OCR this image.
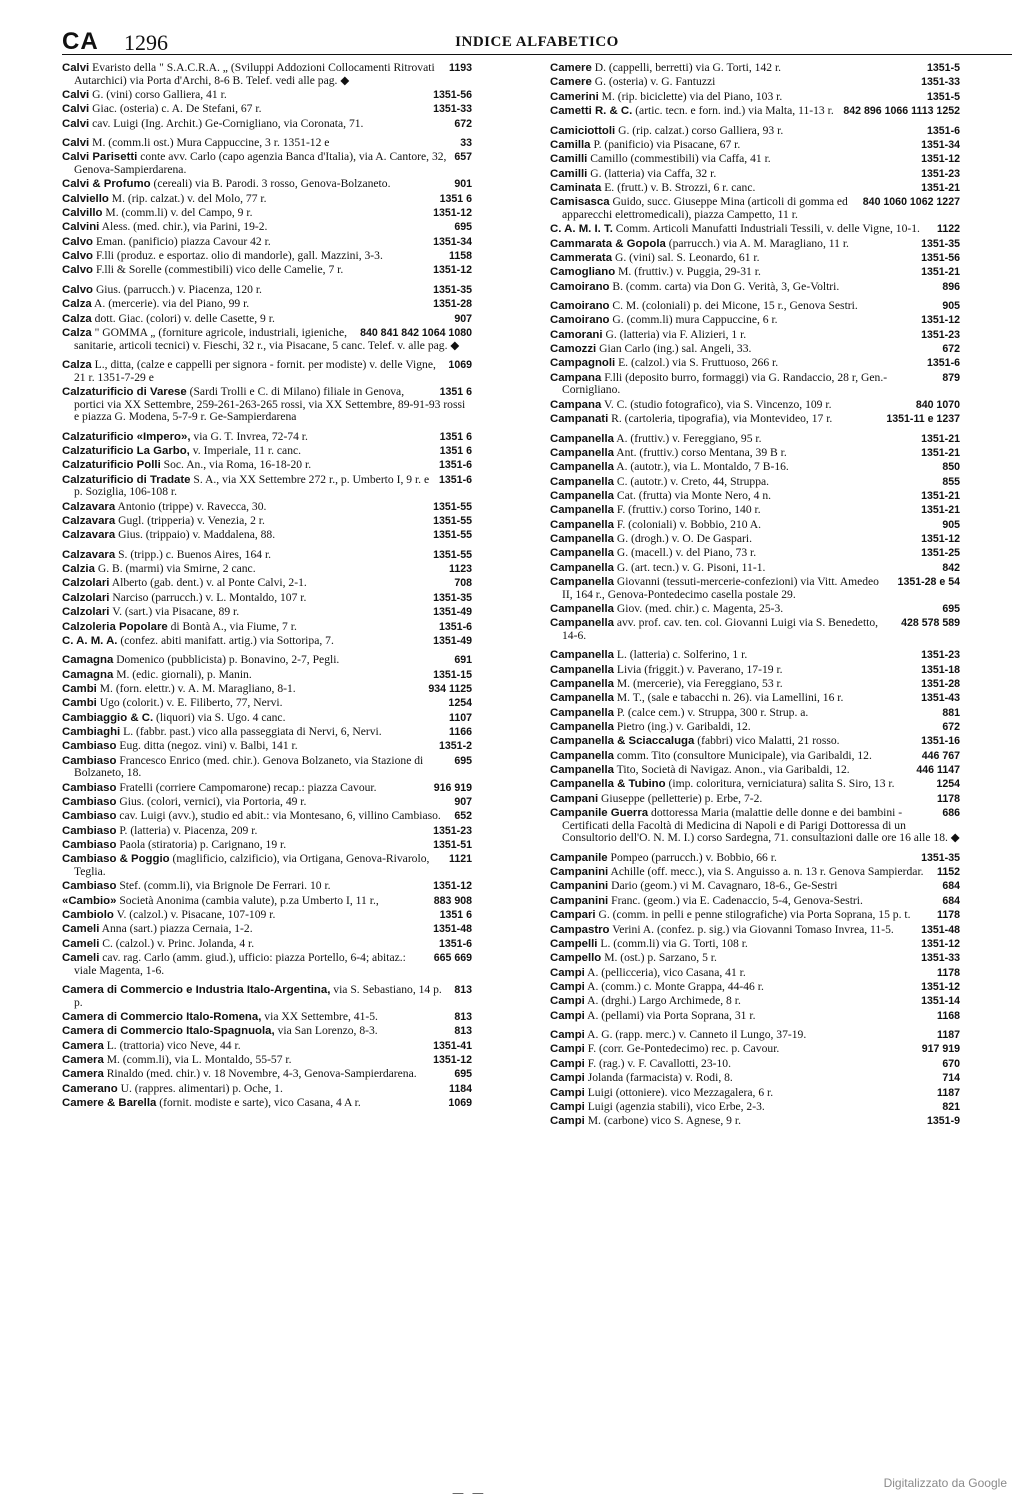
CA 1296	INDICE ALFABETICO
1193
Calvi Evaristo della " S.A.C.R.A. „ (Sviluppi Addozioni Collocamenti Ritrovati Autarchici) via Porta d'Archi, 8-6 B. Telef. vedi alle pag. ◆
1351-56
Calvi G. (vini) corso Galliera, 41 r.
1351-33
Calvi Giac. (osteria) c. A. De Stefani, 67 r.
672
Calvi cav. Luigi (Ing. Archit.) Ge-Cornigliano, via Coronata, 71.
33
Calvi M. (comm.li ost.) Mura Cappuccine, 3 r. 1351-12 e
657
Calvi Parisetti conte avv. Carlo (capo agenzia Banca d'Italia), via A. Cantore, 32, Genova-Sampierdarena.
901
Calvi & Profumo (cereali) via B. Parodi. 3 rosso, Genova-Bolzaneto.
1351 6
Calviello M. (rip. calzat.) v. del Molo, 77 r.
1351-12
Calvillo M. (comm.li) v. del Campo, 9 r.
695
Calvini Aless. (med. chir.), via Parini, 19-2.
1351-34
Calvo Eman. (panificio) piazza Cavour 42 r.
1158
Calvo F.lli (produz. e esportaz. olio di mandorle), gall. Mazzini, 3-3.
1351-12
Calvo F.lli & Sorelle (commestibili) vico delle Camelie, 7 r.
1351-35
Calvo Gius. (parrucch.) v. Piacenza, 120 r.
1351-28
Calza A. (mercerie). via del Piano, 99 r.
907
Calza dott. Giac. (colori) v. delle Casette, 9 r.
840 841 842 1064 1080
Calza " GOMMA „ (forniture agricole, industriali, igieniche, sanitarie, articoli tecnici) v. Fieschi, 32 r., via Pisacane, 5 canc. Telef. v. alle pag. ◆
1069
Calza L., ditta, (calze e cappelli per signora - fornit. per modiste) v. delle Vigne, 21 r. 1351-7-29 e
1351 6
Calzaturificio di Varese (Sardi Trolli e C. di Milano) filiale in Genova, portici via XX Settembre, 259-261-263-265 rossi, via XX Settembre, 89-91-93 rossi e piazza G. Modena, 5-7-9 r. Ge-Sampierdarena
1351 6
Calzaturificio «Impero», via G. T. Invrea, 72-74 r.
1351 6
Calzaturificio La Garbo, v. Imperiale, 11 r. canc.
1351-6
Calzaturificio Polli Soc. An., via Roma, 16-18-20 r.
1351-6
Calzaturificio di Tradate S. A., via XX Settembre 272 r., p. Umberto I, 9 r. e p. Soziglia, 106-108 r.
1351-55
Calzavara Antonio (trippe) v. Ravecca, 30.
1351-55
Calzavara Gugl. (tripperia) v. Venezia, 2 r.
1351-55
Calzavara Gius. (trippaio) v. Maddalena, 88.
1351-55
Calzavara S. (tripp.) c. Buenos Aires, 164 r.
1123
Calzia G. B. (marmi) via Smirne, 2 canc.
708
Calzolari Alberto (gab. dent.) v. al Ponte Calvi, 2-1.
1351-35
Calzolari Narciso (parrucch.) v. L. Montaldo, 107 r.
1351-49
Calzolari V. (sart.) via Pisacane, 89 r.
1351-6
Calzoleria Popolare di Bontà A., via Fiume, 7 r.
1351-49
C. A. M. A. (confez. abiti manifatt. artig.) via Sottoripa, 7.
691
Camagna Domenico (pubblicista) p. Bonavino, 2-7, Pegli.
1351-15
Camagna M. (edic. giornali), p. Manin.
934 1125
Cambi M. (forn. elettr.) v. A. M. Maragliano, 8-1.
1254
Cambi Ugo (colorit.) v. E. Filiberto, 77, Nervi.
1107
Cambiaggio & C. (liquori) via S. Ugo. 4 canc.
1166
Cambiaghi L. (fabbr. past.) vico alla passeggiata di Nervi, 6, Nervi.
1351-2
Cambiaso Eug. ditta (negoz. vini) v. Balbi, 141 r.
695
Cambiaso Francesco Enrico (med. chir.). Genova Bolzaneto, via Stazione di Bolzaneto, 18.
916 919
Cambiaso Fratelli (corriere Campomarone) recap.: piazza Cavour.
907
Cambiaso Gius. (colori, vernici), via Portoria, 49 r.
652
Cambiaso cav. Luigi (avv.), studio ed abit.: via Montesano, 6, villino Cambiaso.
1351-23
Cambiaso P. (latteria) v. Piacenza, 209 r.
1351-51
Cambiaso Paola (stiratoria) p. Carignano, 19 r.
1121
Cambiaso & Poggio (maglificio, calzificio), via Ortigana, Genova-Rivarolo, Teglia.
1351-12
Cambiaso Stef. (comm.li), via Brignole De Ferrari. 10 r.
883 908
«Cambio» Società Anonima (cambia valute), p.za Umberto I, 11 r.,
1351 6
Cambiolo V. (calzol.) v. Pisacane, 107-109 r.
1351-48
Cameli Anna (sart.) piazza Cernaia, 1-2.
1351-6
Cameli C. (calzol.) v. Princ. Jolanda, 4 r.
665 669
Cameli cav. rag. Carlo (amm. giud.), ufficio: piazza Portello, 6-4; abitaz.: viale Magenta, 1-6.
813
Camera di Commercio e Industria Italo-Argentina, via S. Sebastiano, 14 p. p.
813
Camera di Commercio Italo-Romena, via XX Settembre, 41-5.
813
Camera di Commercio Italo-Spagnuola, via San Lorenzo, 8-3.
1351-41
Camera L. (trattoria) vico Neve, 44 r.
1351-12
Camera M. (comm.li), via L. Montaldo, 55-57 r.
695
Camera Rinaldo (med. chir.) v. 18 Novembre, 4-3, Genova-Sampierdarena.
1184
Camerano U. (rappres. alimentari) p. Oche, 1.
1069
Camere & Barella (fornit. modiste e sarte), vico Casana, 4 A r.
1351-5
Camere D. (cappelli, berretti) via G. Torti, 142 r.
1351-33
Camere G. (osteria) v. G. Fantuzzi
1351-5
Camerini M. (rip. biciclette) via del Piano, 103 r.
842 896 1066 1113 1252
Cametti R. & C. (artic. tecn. e forn. ind.) via Malta, 11-13 r.
1351-6
Camiciottoli G. (rip. calzat.) corso Galliera, 93 r.
1351-34
Camilla P. (panificio) via Pisacane, 67 r.
1351-12
Camilli Camillo (commestibili) via Caffa, 41 r.
1351-23
Camilli G. (latteria) via Caffa, 32 r.
1351-21
Caminata E. (frutt.) v. B. Strozzi, 6 r. canc.
840 1060 1062 1227
Camisasca Guido, succ. Giuseppe Mina (articoli di gomma ed apparecchi elettromedicali), piazza Campetto, 11 r.
1122
C. A. M. I. T. Comm. Articoli Manufatti Industriali Tessili, v. delle Vigne, 10-1.
1351-35
Cammarata & Gopola (parrucch.) via A. M. Maragliano, 11 r.
1351-56
Cammerata G. (vini) sal. S. Leonardo, 61 r.
1351-21
Camogliano M. (fruttiv.) v. Puggia, 29-31 r.
896
Camoirano B. (comm. carta) via Don G. Verità, 3, Ge-Voltri.
905
Camoirano C. M. (coloniali) p. dei Micone, 15 r., Genova Sestri.
1351-12
Camoirano G. (comm.li) mura Cappuccine, 6 r.
1351-23
Camorani G. (latteria) via F. Alizieri, 1 r.
672
Camozzi Gian Carlo (ing.) sal. Angeli, 33.
1351-6
Campagnoli E. (calzol.) via S. Fruttuoso, 266 r.
879
Campana F.lli (deposito burro, formaggi) via G. Randaccio, 28 r, Gen.-Cornigliano.
840 1070
Campana V. C. (studio fotografico), via S. Vincenzo, 109 r.
1351-11 e 1237
Campanati R. (cartoleria, tipografia), via Montevideo, 17 r.
1351-21
Campanella A. (fruttiv.) v. Fereggiano, 95 r.
1351-21
Campanella Ant. (fruttiv.) corso Mentana, 39 B r.
850
Campanella A. (autotr.), via L. Montaldo, 7 B-16.
855
Campanella C. (autotr.) v. Creto, 44, Struppa.
1351-21
Campanella Cat. (frutta) via Monte Nero, 4 n.
1351-21
Campanella F. (fruttiv.) corso Torino, 140 r.
905
Campanella F. (coloniali) v. Bobbio, 210 A.
1351-12
Campanella G. (drogh.) v. O. De Gaspari.
1351-25
Campanella G. (macell.) v. del Piano, 73 r.
842
Campanella G. (art. tecn.) v. G. Pisoni, 11-1.
1351-28 e 54
Campanella Giovanni (tessuti-mercerie-confezioni) via Vitt. Amedeo II, 164 r., Genova-Pontedecimo casella postale 29.
695
Campanella Giov. (med. chir.) c. Magenta, 25-3.
428 578 589
Campanella avv. prof. cav. ten. col. Giovanni Luigi via S. Benedetto, 14-6.
1351-23
Campanella L. (latteria) c. Solferino, 1 r.
1351-18
Campanella Livia (friggit.) v. Paverano, 17-19 r.
1351-28
Campanella M. (mercerie), via Fereggiano, 53 r.
1351-43
Campanella M. T., (sale e tabacchi n. 26). via Lamellini, 16 r.
881
Campanella P. (calce cem.) v. Struppa, 300 r. Strup. a.
672
Campanella Pietro (ing.) v. Garibaldi, 12.
1351-16
Campanella & Sciaccaluga (fabbri) vico Malatti, 21 rosso.
446 767
Campanella comm. Tito (consultore Municipale), via Garibaldi, 12.
446 1147
Campanella Tito, Società di Navigaz. Anon., via Garibaldi, 12.
1254
Campanella & Tubino (imp. coloritura, verniciatura) salita S. Siro, 13 r.
1178
Campani Giuseppe (pelletterie) p. Erbe, 7-2.
686
Campanile Guerra dottoressa Maria (malattie delle donne e dei bambini - Certificati della Facoltà di Medicina di Napoli e di Parigi Dottoressa di un Consultorio dell'O. N. M. I.) corso Sardegna, 71. consultazioni dalle ore 16 alle 18. ◆
1351-35
Campanile Pompeo (parrucch.) v. Bobbio, 66 r.
1152
Campanini Achille (off. mecc.), via S. Anguisso a. n. 13 r. Genova Sampierdar.
684
Campanini Dario (geom.) vi M. Cavagnaro, 18-6., Ge-Sestri
684
Campanini Franc. (geom.) via E. Cadenaccio, 5-4, Genova-Sestri.
1178
Campari G. (comm. in pelli e penne stilografiche) via Porta Soprana, 15 p. t.
1351-48
Campastro Verini A. (confez. p. sig.) via Giovanni Tomaso Invrea, 11-5.
1351-12
Campelli L. (comm.li) via G. Torti, 108 r.
1351-33
Campello M. (ost.) p. Sarzano, 5 r.
1178
Campi A. (pellicceria), vico Casana, 41 r.
1351-12
Campi A. (comm.) c. Monte Grappa, 44-46 r.
1351-14
Campi A. (drghi.) Largo Archimede, 8 r.
1168
Campi A. (pellami) via Porta Soprana, 31 r.
1187
Campi A. G. (rapp. merc.) v. Canneto il Lungo, 37-19.
917 919
Campi F. (corr. Ge-Pontedecimo) rec. p. Cavour.
670
Campi F. (rag.) v. F. Cavallotti, 23-10.
714
Campi Jolanda (farmacista) v. Rodi, 8.
1187
Campi Luigi (ottoniere). vico Mezzagalera, 6 r.
821
Campi Luigi (agenzia stabili), vico Erbe, 2-3.
1351-9
Campi M. (carbone) vico S. Agnese, 9 r.
— —
Digitalizzato da Google
